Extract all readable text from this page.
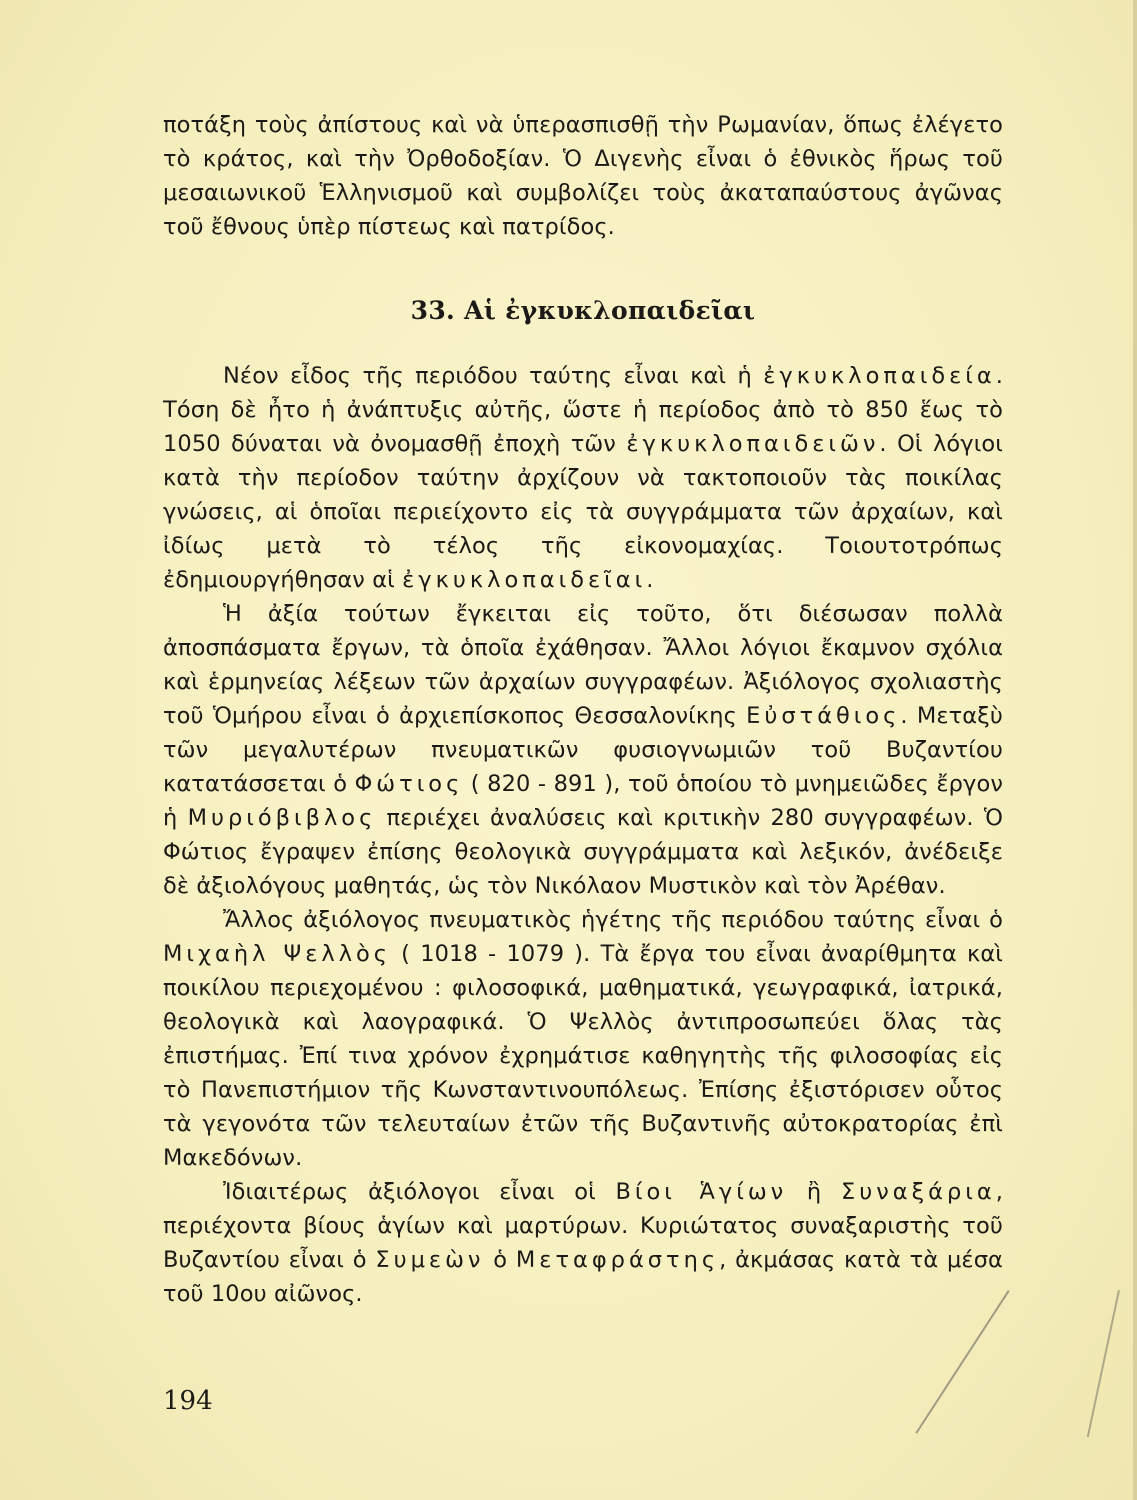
ποτάξη τοὺς ἀπίστους καὶ νὰ ὑπερασπισθῇ τὴν Ρωμανίαν, ὅπως ἐλέγετο τὸ κράτος, καὶ τὴν Ὀρθοδοξίαν. Ὁ Διγενὴς εἶναι ὁ ἐθνικὸς ἥρως τοῦ μεσαιωνικοῦ Ἑλληνισμοῦ καὶ συμβολίζει τοὺς ἀκαταπαύστους ἀγῶνας τοῦ ἔθνους ὑπὲρ πίστεως καὶ πατρίδος.

33. Αἱ ἐγκυκλοπαιδεῖαι

Νέον εἶδος τῆς περιόδου ταύτης εἶναι καὶ ἡ ἐγκυκλοπαιδεία. Τόση δὲ ἦτο ἡ ἀνάπτυξις αὐτῆς, ὥστε ἡ περίοδος ἀπὸ τὸ 850 ἕως τὸ 1050 δύναται νὰ ὀνομασθῇ ἐποχὴ τῶν ἐγκυκλοπαιδειῶν. Οἱ λόγιοι κατὰ τὴν περίοδον ταύτην ἀρχίζουν νὰ τακτοποιοῦν τὰς ποικίλας γνώσεις, αἱ ὁποῖαι περιείχοντο εἰς τὰ συγγράμματα τῶν ἀρχαίων, καὶ ἰδίως μετὰ τὸ τέλος τῆς εἰκονομαχίας. Τοιουτοτρόπως ἐδημιουργήθησαν αἱ ἐγκυκλοπαιδεῖαι.

Ἡ ἀξία τούτων ἔγκειται εἰς τοῦτο, ὅτι διέσωσαν πολλὰ ἀποσπάσματα ἔργων, τὰ ὁποῖα ἐχάθησαν. Ἄλλοι λόγιοι ἔκαμνον σχόλια καὶ ἑρμηνείας λέξεων τῶν ἀρχαίων συγγραφέων. Ἀξιόλογος σχολιαστὴς τοῦ Ὁμήρου εἶναι ὁ ἀρχιεπίσκοπος Θεσσαλονίκης Εὐστάθιος. Μεταξὺ τῶν μεγαλυτέρων πνευματικῶν φυσιογνωμιῶν τοῦ Βυζαντίου κατατάσσεται ὁ Φώτιος ( 820 - 891 ), τοῦ ὁποίου τὸ μνημειῶδες ἔργον ἡ Μυριόβιβλος περιέχει ἀναλύσεις καὶ κριτικὴν 280 συγγραφέων. Ὁ Φώτιος ἔγραψεν ἐπίσης θεολογικὰ συγγράμματα καὶ λεξικόν, ἀνέδειξε δὲ ἀξιολόγους μαθητάς, ὡς τὸν Νικόλαον Μυστικὸν καὶ τὸν Ἀρέθαν.

Ἄλλος ἀξιόλογος πνευματικὸς ἡγέτης τῆς περιόδου ταύτης εἶναι ὁ Μιχαὴλ Ψελλὸς ( 1018 - 1079 ). Τὰ ἔργα του εἶναι ἀναρίθμητα καὶ ποικίλου περιεχομένου : φιλοσοφικά, μαθηματικά, γεωγραφικά, ἰατρικά, θεολογικὰ καὶ λαογραφικά. Ὁ Ψελλὸς ἀντιπροσωπεύει ὅλας τὰς ἐπιστήμας. Ἐπί τινα χρόνον ἐχρημάτισε καθηγητὴς τῆς φιλοσοφίας εἰς τὸ Πανεπιστήμιον τῆς Κωνσταντινουπόλεως. Ἐπίσης ἐξιστόρισεν οὗτος τὰ γεγονότα τῶν τελευταίων ἐτῶν τῆς Βυζαντινῆς αὐτοκρατορίας ἐπὶ Μακεδόνων.

Ἰδιαιτέρως ἀξιόλογοι εἶναι οἱ Βίοι Ἁγίων ἢ Συναξάρια, περιέχοντα βίους ἁγίων καὶ μαρτύρων. Κυριώτατος συναξαριστὴς τοῦ Βυζαντίου εἶναι ὁ Συμεὼν ὁ Μεταφράστης, ἀκμάσας κατὰ τὰ μέσα τοῦ 10ου αἰῶνος.

194
